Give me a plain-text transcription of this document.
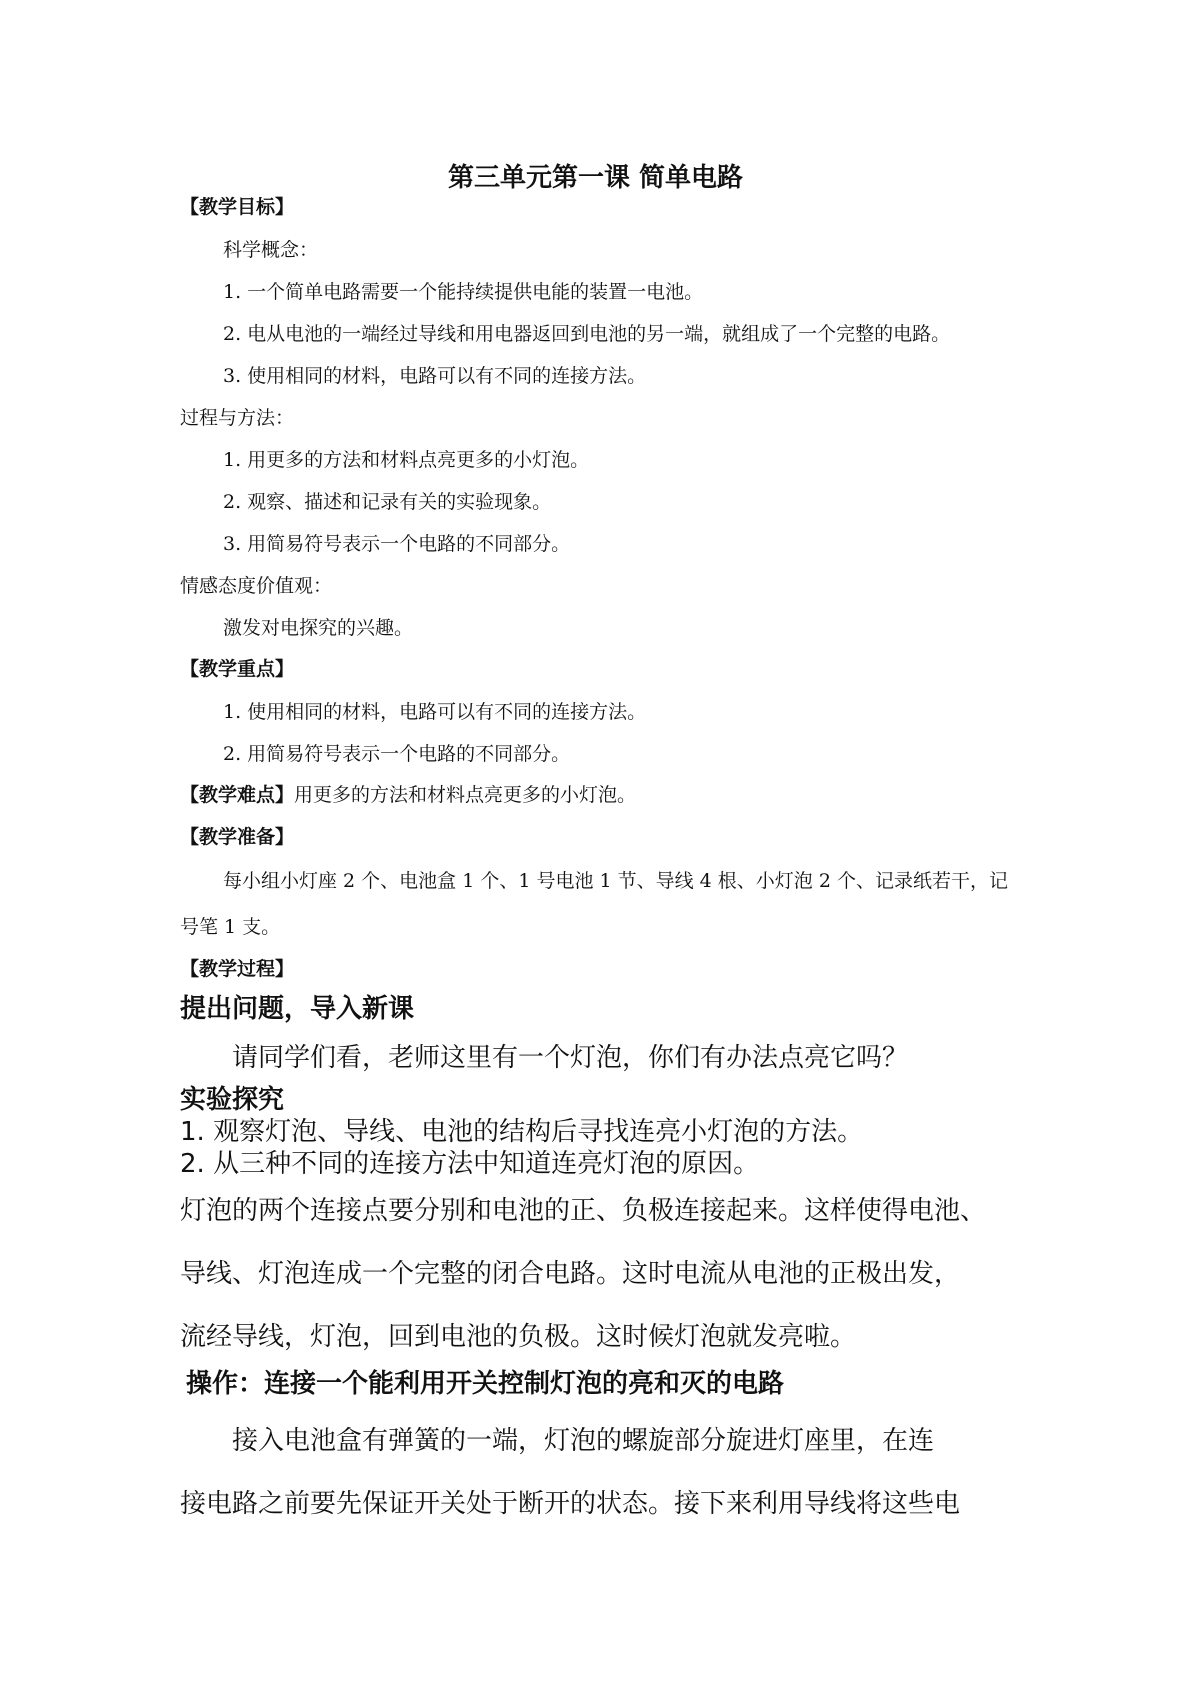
第三单元第一课 简单电路
【教学目标】
科学概念：
1. 一个简单电路需要一个能持续提供电能的装置一电池。
2. 电从电池的一端经过导线和用电器返回到电池的另一端，就组成了一个完整的电路。
3. 使用相同的材料，电路可以有不同的连接方法。
过程与方法：
1. 用更多的方法和材料点亮更多的小灯泡。
2. 观察、描述和记录有关的实验现象。
3. 用简易符号表示一个电路的不同部分。
情感态度价值观：
激发对电探究的兴趣。
【教学重点】
1. 使用相同的材料，电路可以有不同的连接方法。
2. 用简易符号表示一个电路的不同部分。
【教学难点】用更多的方法和材料点亮更多的小灯泡。
【教学准备】
每小组小灯座 2 个、电池盒 1 个、1 号电池 1 节、导线 4 根、小灯泡 2 个、记录纸若干，记
号笔 1 支。
【教学过程】
提出问题，导入新课
请同学们看，老师这里有一个灯泡，你们有办法点亮它吗？
实验探究
1. 观察灯泡、导线、电池的结构后寻找连亮小灯泡的方法。
2. 从三种不同的连接方法中知道连亮灯泡的原因。
灯泡的两个连接点要分别和电池的正、负极连接起来。这样使得电池、
导线、灯泡连成一个完整的闭合电路。这时电流从电池的正极出发，
流经导线，灯泡，回到电池的负极。这时候灯泡就发亮啦。
操作：连接一个能利用开关控制灯泡的亮和灭的电路
接入电池盒有弹簧的一端，灯泡的螺旋部分旋进灯座里，在连
接电路之前要先保证开关处于断开的状态。接下来利用导线将这些电
